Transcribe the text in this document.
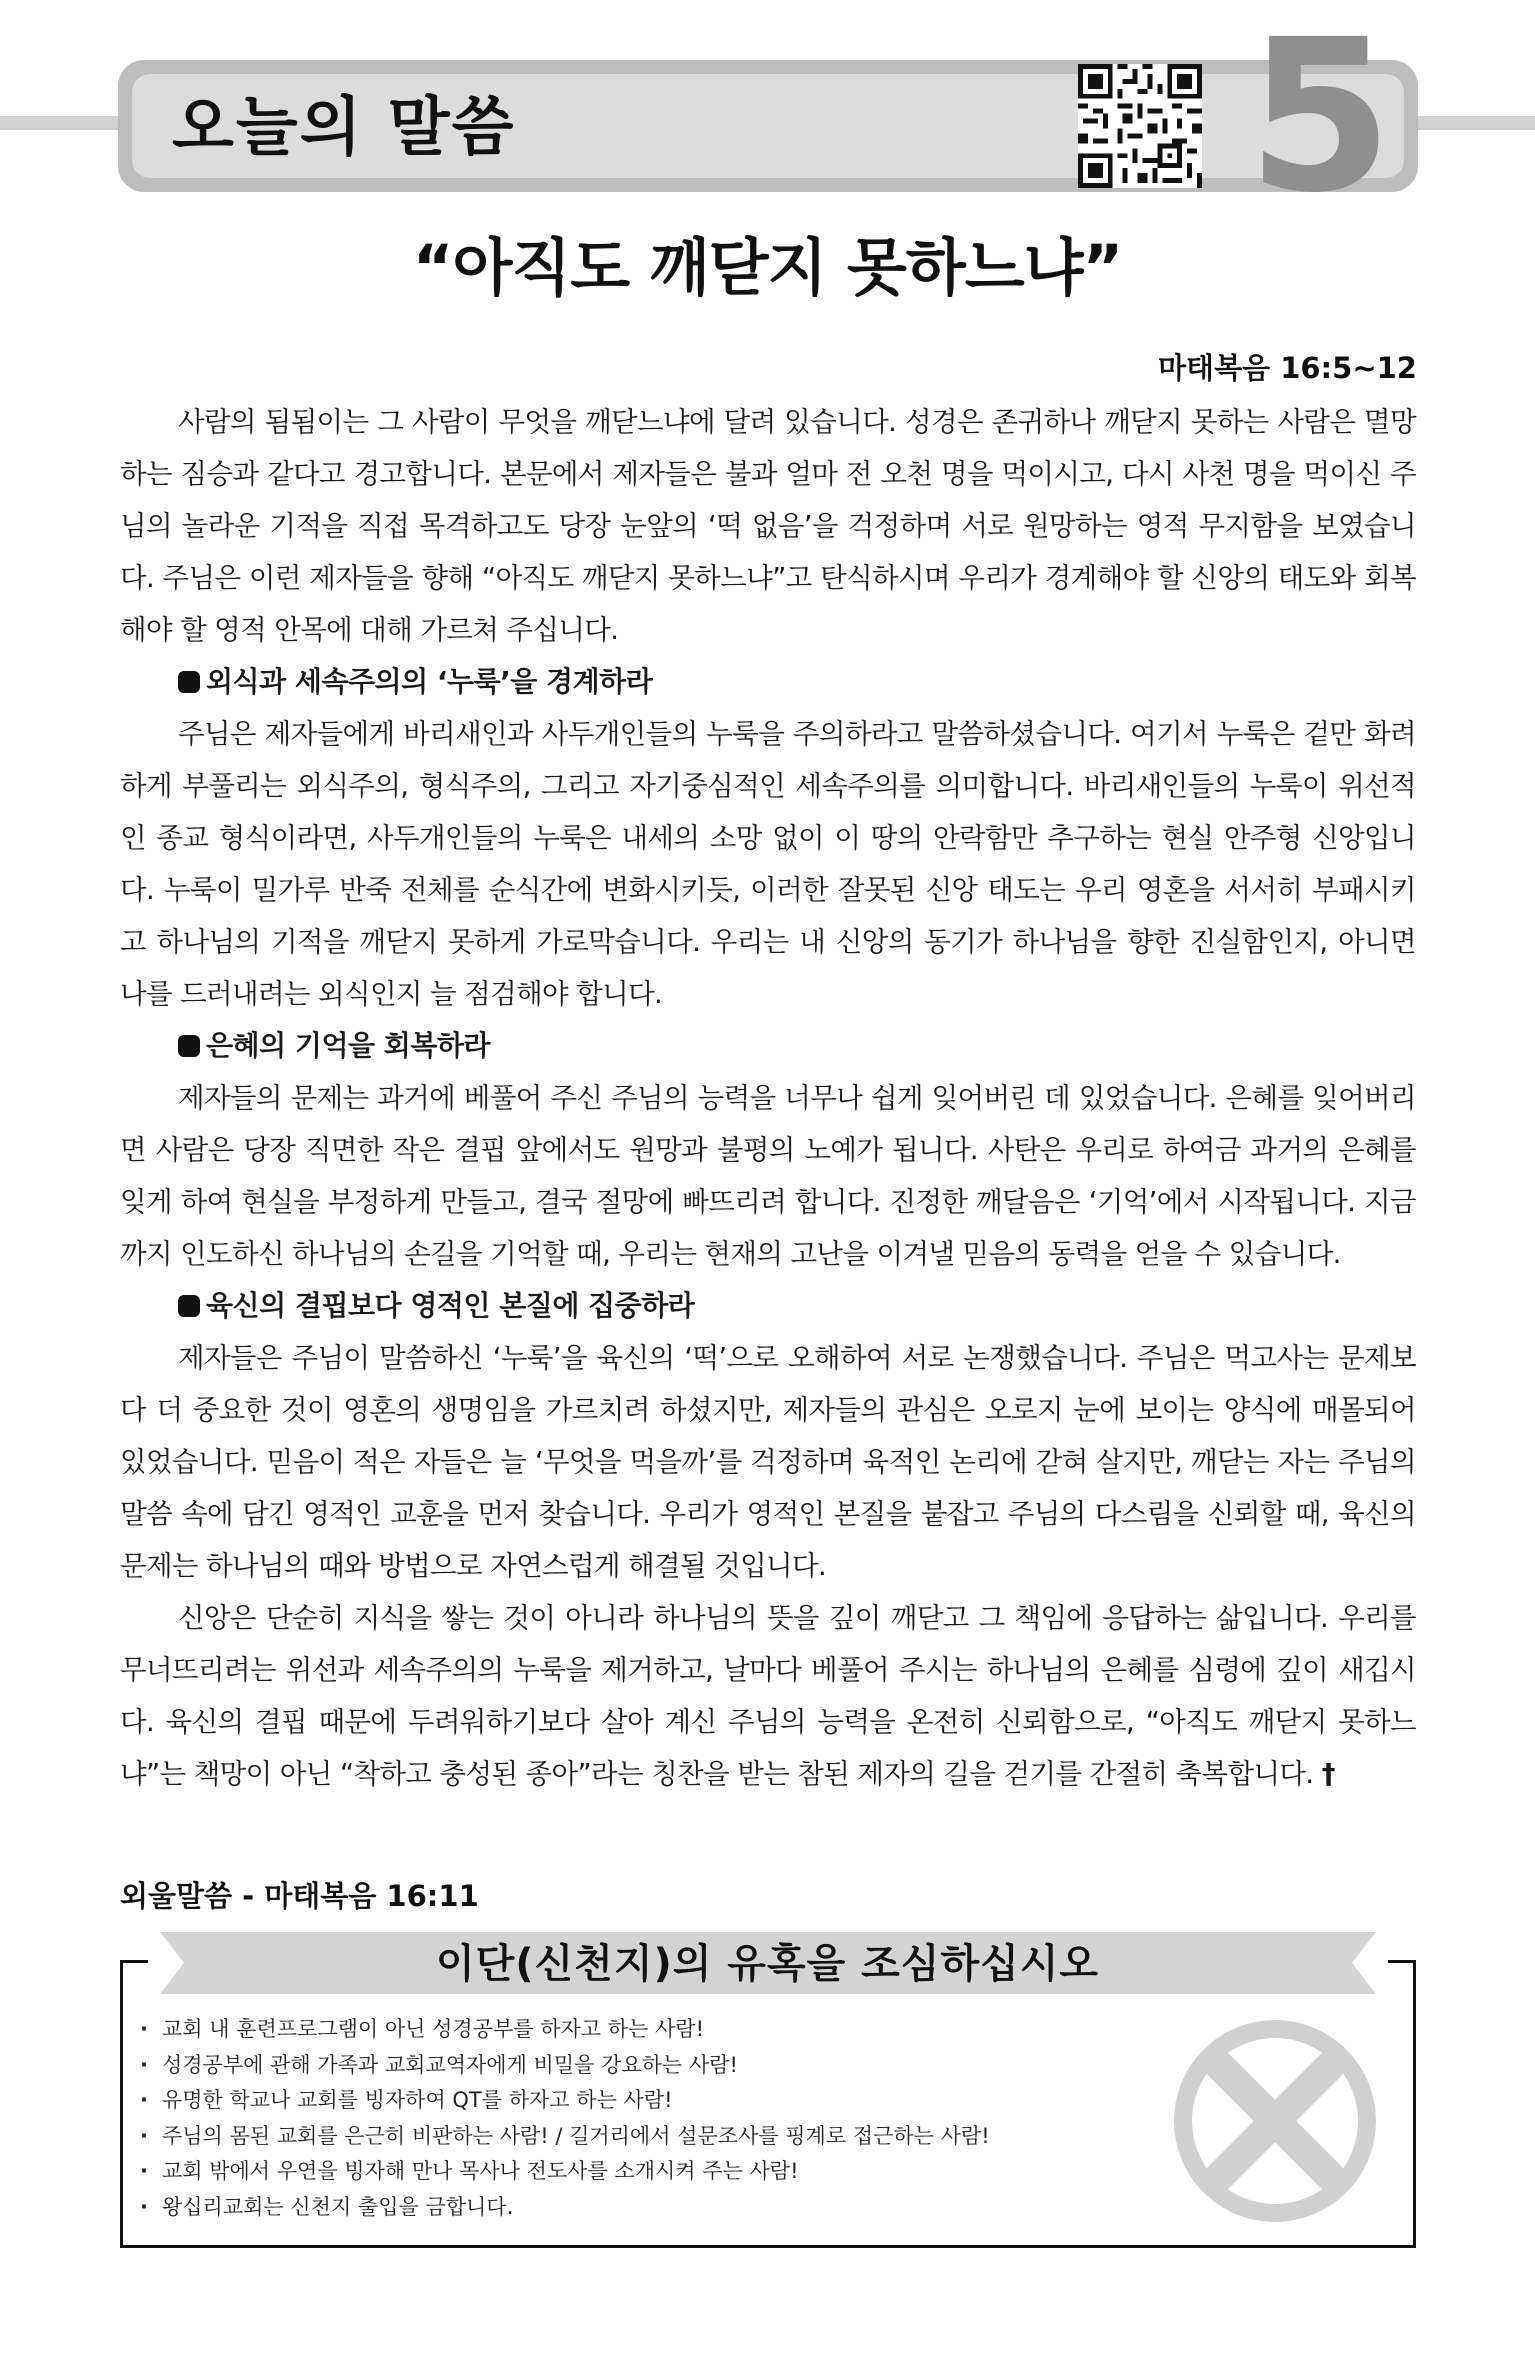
오늘의 말씀	5
“아직도 깨닫지 못하느냐”
마태복음 16:5~12

사람의 됨됨이는 그 사람이 무엇을 깨닫느냐에 달려 있습니다. 성경은 존귀하나 깨닫지 못하는 사람은 멸망하는 짐승과 같다고 경고합니다. 본문에서 제자들은 불과 얼마 전 오천 명을 먹이시고, 다시 사천 명을 먹이신 주님의 놀라운 기적을 직접 목격하고도 당장 눈앞의 ‘떡 없음’을 걱정하며 서로 원망하는 영적 무지함을 보였습니다. 주님은 이런 제자들을 향해 “아직도 깨닫지 못하느냐”고 탄식하시며 우리가 경계해야 할 신앙의 태도와 회복해야 할 영적 안목에 대해 가르쳐 주십니다.

외식과 세속주의의 ‘누룩’을 경계하라

주님은 제자들에게 바리새인과 사두개인들의 누룩을 주의하라고 말씀하셨습니다. 여기서 누룩은 겉만 화려하게 부풀리는 외식주의, 형식주의, 그리고 자기중심적인 세속주의를 의미합니다. 바리새인들의 누룩이 위선적인 종교 형식이라면, 사두개인들의 누룩은 내세의 소망 없이 이 땅의 안락함만 추구하는 현실 안주형 신앙입니다. 누룩이 밀가루 반죽 전체를 순식간에 변화시키듯, 이러한 잘못된 신앙 태도는 우리 영혼을 서서히 부패시키고 하나님의 기적을 깨닫지 못하게 가로막습니다. 우리는 내 신앙의 동기가 하나님을 향한 진실함인지, 아니면 나를 드러내려는 외식인지 늘 점검해야 합니다.

은혜의 기억을 회복하라

제자들의 문제는 과거에 베풀어 주신 주님의 능력을 너무나 쉽게 잊어버린 데 있었습니다. 은혜를 잊어버리면 사람은 당장 직면한 작은 결핍 앞에서도 원망과 불평의 노예가 됩니다. 사탄은 우리로 하여금 과거의 은혜를 잊게 하여 현실을 부정하게 만들고, 결국 절망에 빠뜨리려 합니다. 진정한 깨달음은 ‘기억’에서 시작됩니다. 지금까지 인도하신 하나님의 손길을 기억할 때, 우리는 현재의 고난을 이겨낼 믿음의 동력을 얻을 수 있습니다.

육신의 결핍보다 영적인 본질에 집중하라

제자들은 주님이 말씀하신 ‘누룩’을 육신의 ‘떡’으로 오해하여 서로 논쟁했습니다. 주님은 먹고사는 문제보다 더 중요한 것이 영혼의 생명임을 가르치려 하셨지만, 제자들의 관심은 오로지 눈에 보이는 양식에 매몰되어 있었습니다. 믿음이 적은 자들은 늘 ‘무엇을 먹을까’를 걱정하며 육적인 논리에 갇혀 살지만, 깨닫는 자는 주님의 말씀 속에 담긴 영적인 교훈을 먼저 찾습니다. 우리가 영적인 본질을 붙잡고 주님의 다스림을 신뢰할 때, 육신의 문제는 하나님의 때와 방법으로 자연스럽게 해결될 것입니다.

신앙은 단순히 지식을 쌓는 것이 아니라 하나님의 뜻을 깊이 깨닫고 그 책임에 응답하는 삶입니다. 우리를 무너뜨리려는 위선과 세속주의의 누룩을 제거하고, 날마다 베풀어 주시는 하나님의 은혜를 심령에 깊이 새깁시다. 육신의 결핍 때문에 두려워하기보다 살아 계신 주님의 능력을 온전히 신뢰함으로, “아직도 깨닫지 못하느냐”는 책망이 아닌 “착하고 충성된 종아”라는 칭찬을 받는 참된 제자의 길을 걷기를 간절히 축복합니다. †

외울말씀 - 마태복음 16:11
이단(신천지)의 유혹을 조심하십시오
· 교회 내 훈련프로그램이 아닌 성경공부를 하자고 하는 사람!
· 성경공부에 관해 가족과 교회교역자에게 비밀을 강요하는 사람!
· 유명한 학교나 교회를 빙자하여 QT를 하자고 하는 사람!
· 주님의 몸된 교회를 은근히 비판하는 사람! / 길거리에서 설문조사를 핑계로 접근하는 사람!
· 교회 밖에서 우연을 빙자해 만나 목사나 전도사를 소개시켜 주는 사람!
· 왕십리교회는 신천지 출입을 금합니다.
